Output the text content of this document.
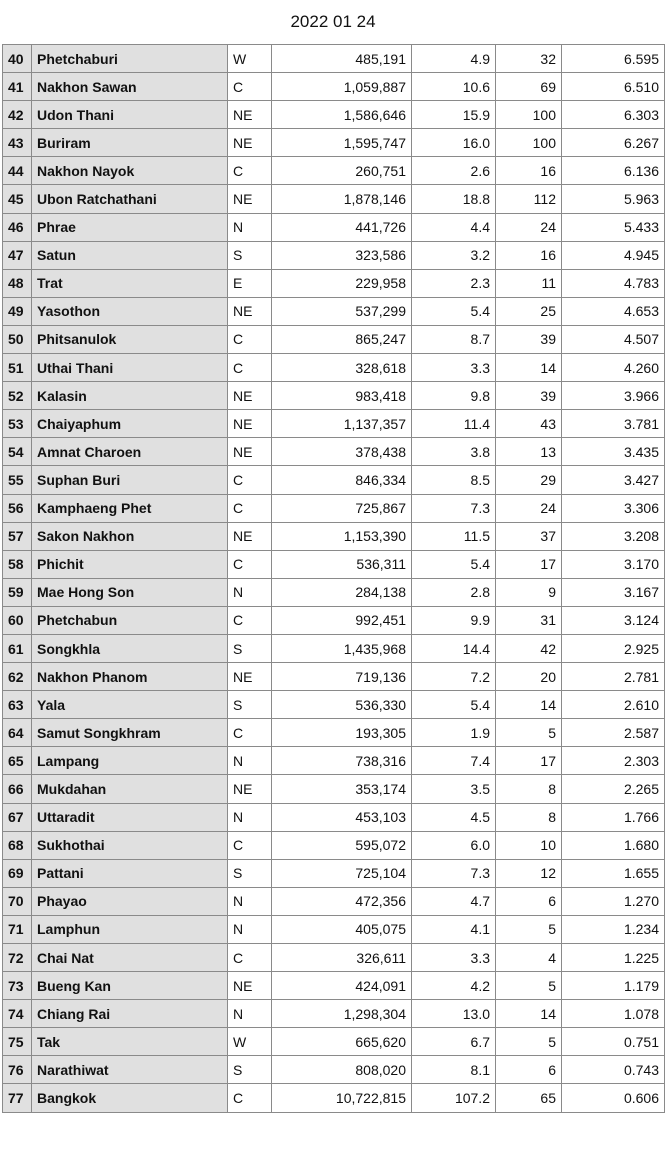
2022 01 24
40	Phetchaburi	W	485,191	4.9	32	6.595
41	Nakhon Sawan	C	1,059,887	10.6	69	6.510
42	Udon Thani	NE	1,586,646	15.9	100	6.303
43	Buriram	NE	1,595,747	16.0	100	6.267
44	Nakhon Nayok	C	260,751	2.6	16	6.136
45	Ubon Ratchathani	NE	1,878,146	18.8	112	5.963
46	Phrae	N	441,726	4.4	24	5.433
47	Satun	S	323,586	3.2	16	4.945
48	Trat	E	229,958	2.3	11	4.783
49	Yasothon	NE	537,299	5.4	25	4.653
50	Phitsanulok	C	865,247	8.7	39	4.507
51	Uthai Thani	C	328,618	3.3	14	4.260
52	Kalasin	NE	983,418	9.8	39	3.966
53	Chaiyaphum	NE	1,137,357	11.4	43	3.781
54	Amnat Charoen	NE	378,438	3.8	13	3.435
55	Suphan Buri	C	846,334	8.5	29	3.427
56	Kamphaeng Phet	C	725,867	7.3	24	3.306
57	Sakon Nakhon	NE	1,153,390	11.5	37	3.208
58	Phichit	C	536,311	5.4	17	3.170
59	Mae Hong Son	N	284,138	2.8	9	3.167
60	Phetchabun	C	992,451	9.9	31	3.124
61	Songkhla	S	1,435,968	14.4	42	2.925
62	Nakhon Phanom	NE	719,136	7.2	20	2.781
63	Yala	S	536,330	5.4	14	2.610
64	Samut Songkhram	C	193,305	1.9	5	2.587
65	Lampang	N	738,316	7.4	17	2.303
66	Mukdahan	NE	353,174	3.5	8	2.265
67	Uttaradit	N	453,103	4.5	8	1.766
68	Sukhothai	C	595,072	6.0	10	1.680
69	Pattani	S	725,104	7.3	12	1.655
70	Phayao	N	472,356	4.7	6	1.270
71	Lamphun	N	405,075	4.1	5	1.234
72	Chai Nat	C	326,611	3.3	4	1.225
73	Bueng Kan	NE	424,091	4.2	5	1.179
74	Chiang Rai	N	1,298,304	13.0	14	1.078
75	Tak	W	665,620	6.7	5	0.751
76	Narathiwat	S	808,020	8.1	6	0.743
77	Bangkok	C	10,722,815	107.2	65	0.606
